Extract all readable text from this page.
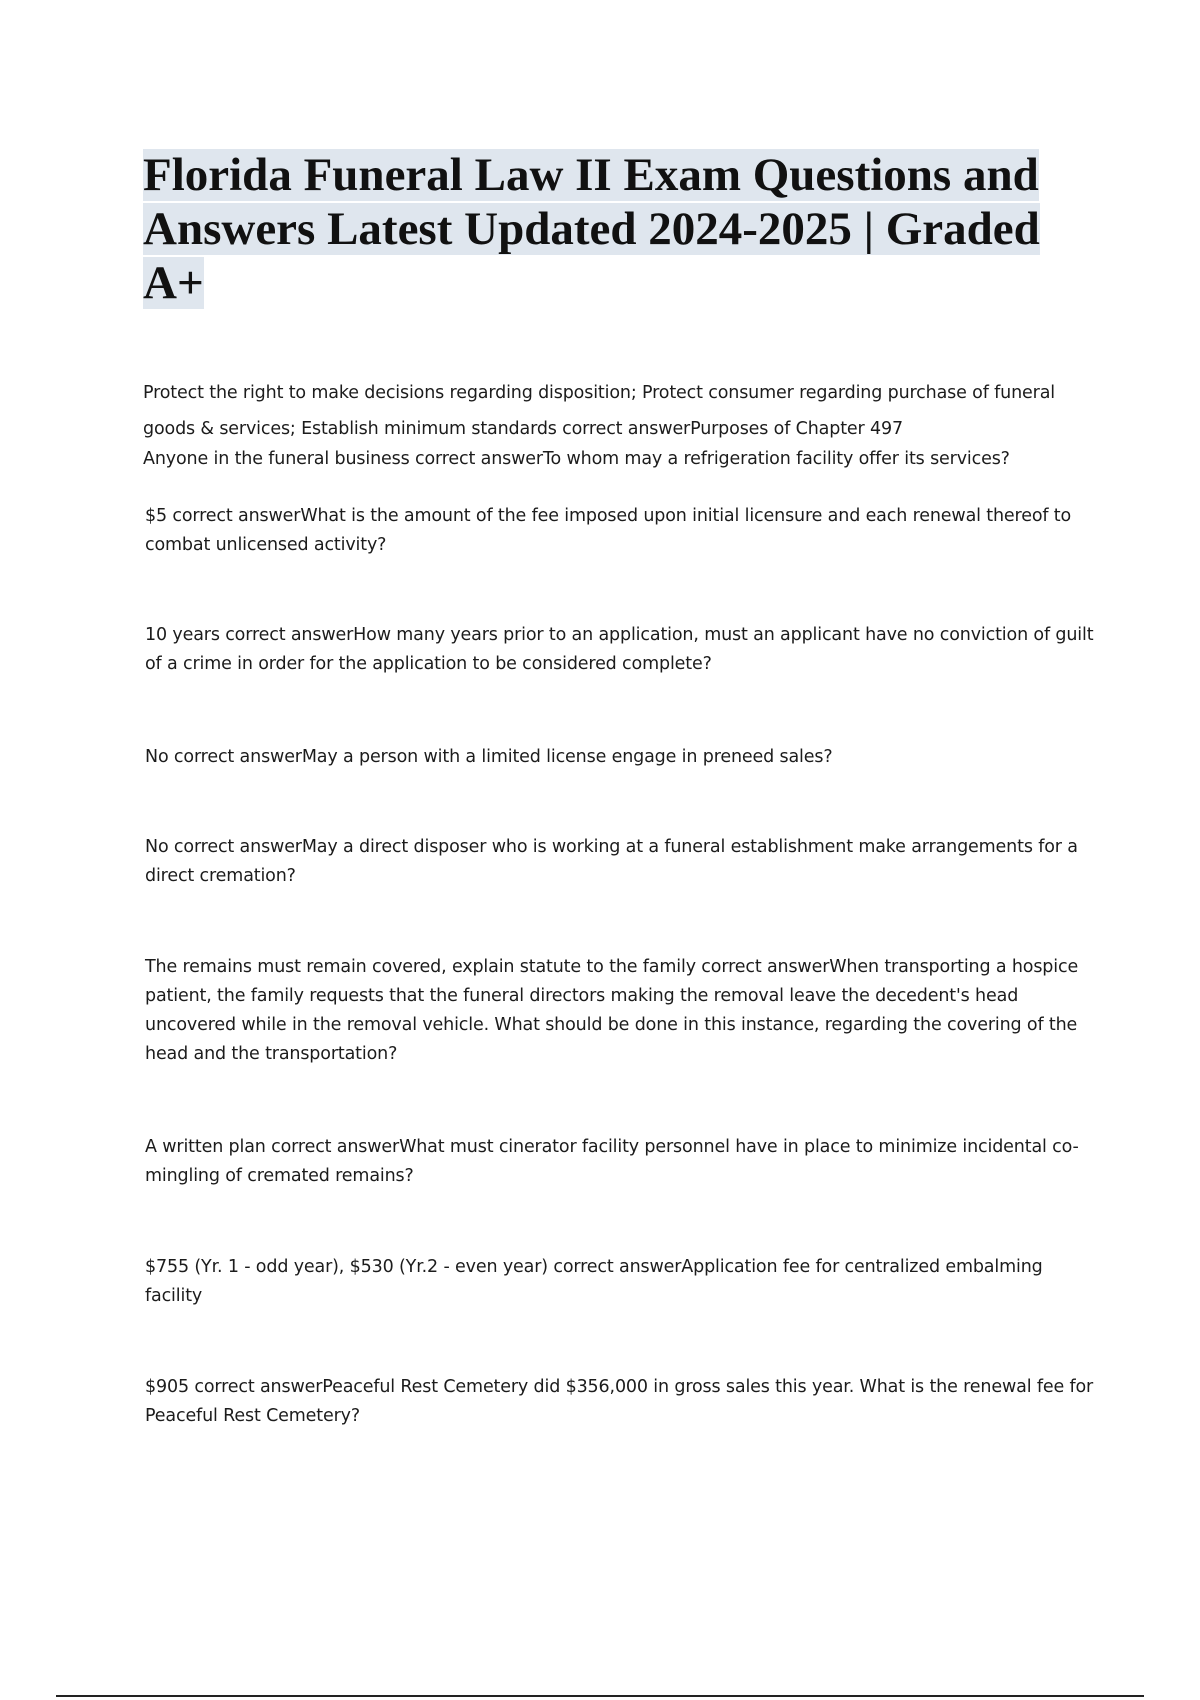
Florida Funeral Law II Exam Questions and Answers Latest Updated 2024-2025 | Graded A+

Protect the right to make decisions regarding disposition; Protect consumer regarding purchase of funeral goods & services; Establish minimum standards correct answerPurposes of Chapter 497

Anyone in the funeral business correct answerTo whom may a refrigeration facility offer its services?

$5 correct answerWhat is the amount of the fee imposed upon initial licensure and each renewal thereof to combat unlicensed activity?

10 years correct answerHow many years prior to an application, must an applicant have no conviction of guilt of a crime in order for the application to be considered complete?

No correct answerMay a person with a limited license engage in preneed sales?

No correct answerMay a direct disposer who is working at a funeral establishment make arrangements for a direct cremation?

The remains must remain covered, explain statute to the family correct answerWhen transporting a hospice patient, the family requests that the funeral directors making the removal leave the decedent's head uncovered while in the removal vehicle. What should be done in this instance, regarding the covering of the head and the transportation?

A written plan correct answerWhat must cinerator facility personnel have in place to minimize incidental co-mingling of cremated remains?

$755 (Yr. 1 - odd year), $530 (Yr.2 - even year) correct answerApplication fee for centralized embalming facility

$905 correct answerPeaceful Rest Cemetery did $356,000 in gross sales this year. What is the renewal fee for Peaceful Rest Cemetery?
